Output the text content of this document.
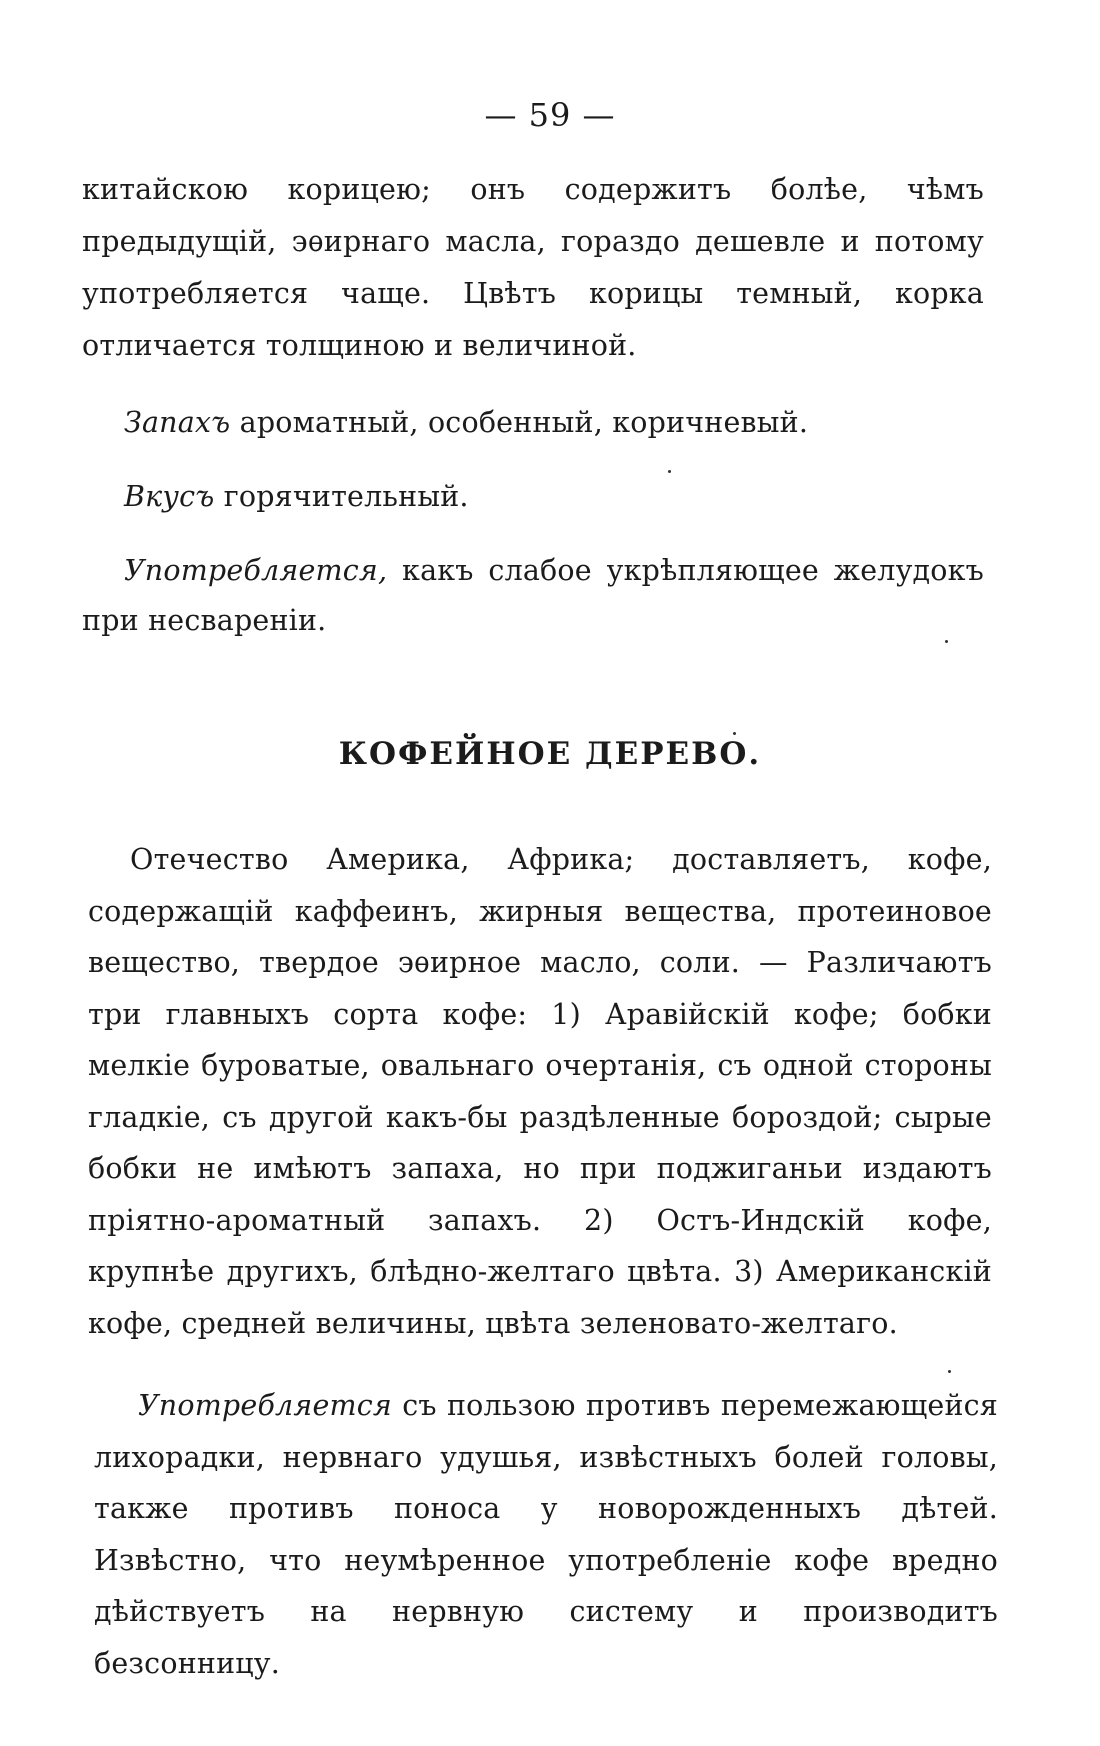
— 59 —

китайскою корицею; онъ содержитъ болѣе, чѣмъ предыдущій, эѳирнаго масла, гораздо дешевле и потому употребляется чаще. Цвѣтъ корицы темный, корка отличается толщиною и величиной.

Запахъ ароматный, особенный, коричневый.

Вкусъ горячительный.

Употребляется, какъ слабое укрѣпляющее желудокъ при несвареніи.

КОФЕЙНОЕ ДЕРЕВО.

Отечество Америка, Африка; доставляетъ, кофе, содержащій каффеинъ, жирныя вещества, протеиновое вещество, твердое эѳирное масло, соли. — Различаютъ три главныхъ сорта кофе: 1) Аравійскій кофе; бобки мелкіе буроватые, овальнаго очертанія, съ одной стороны гладкіе, съ другой какъ-бы раздѣленные бороздой; сырые бобки не имѣютъ запаха, но при поджиганьи издаютъ пріятно-ароматный запахъ. 2) Остъ-Индскій кофе, крупнѣе другихъ, блѣдно-желтаго цвѣта. 3) Американскій кофе, средней величины, цвѣта зеленовато-желтаго.

Употребляется съ пользою противъ перемежающейся лихорадки, нервнаго удушья, извѣстныхъ болей головы, также противъ поноса у новорожденныхъ дѣтей. Извѣстно, что неумѣренное употребленіе кофе вредно дѣйствуетъ на нервную систему и производитъ безсонницу.
